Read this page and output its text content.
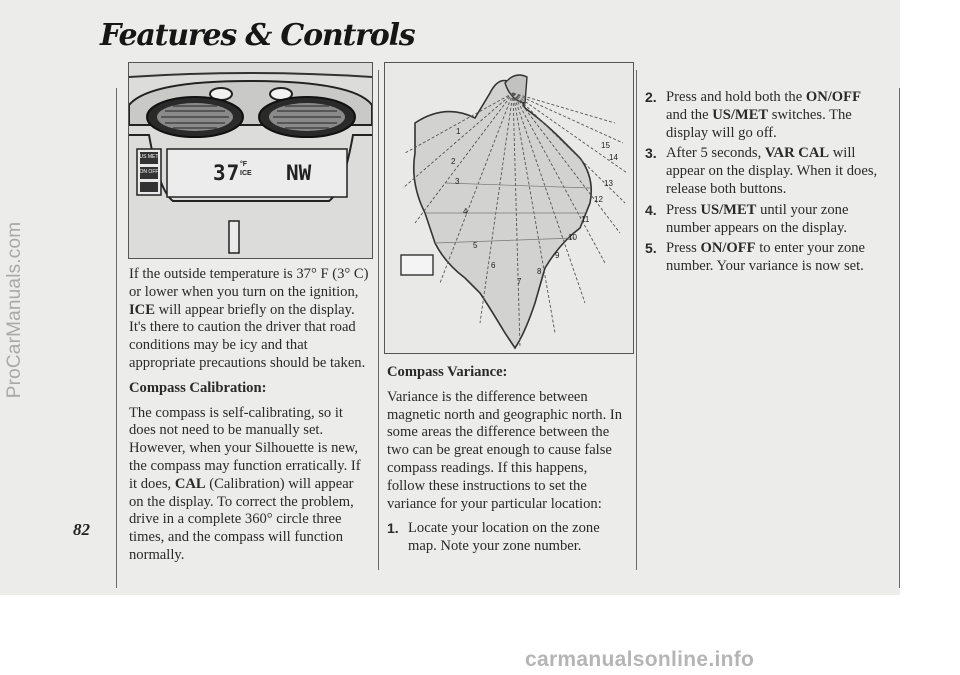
ProCarManuals.com
Features & Controls
82
37 °F
ICE NW
US MET
ON OFF
1
2
3
4
5
6
7
8
9
10
11
12
13
14
15

If the outside temperature is 37° F (3° C) or lower when you turn on the ignition, ICE will appear briefly on the display. It's there to caution the driver that road conditions may be icy and that appropriate precautions should be taken.

Compass Calibration:

The compass is self-calibrating, so it does not need to be manually set. However, when your Silhouette is new, the compass may function erratically. If it does, CAL (Calibration) will appear on the display. To correct the problem, drive in a complete 360° circle three times, and the compass will function normally.

Compass Variance:

Variance is the difference between magnetic north and geographic north. In some areas the difference between the two can be great enough to cause false compass readings. If this happens, follow these instructions to set the variance for your particular location:

1. Locate your location on the zone map. Note your zone number.
2. Press and hold both the ON/OFF and the US/MET switches. The display will go off.
3. After 5 seconds, VAR CAL will appear on the display. When it does, release both buttons.
4. Press US/MET until your zone number appears on the display.
5. Press ON/OFF to enter your zone number. Your variance is now set.
carmanualsonline.info
